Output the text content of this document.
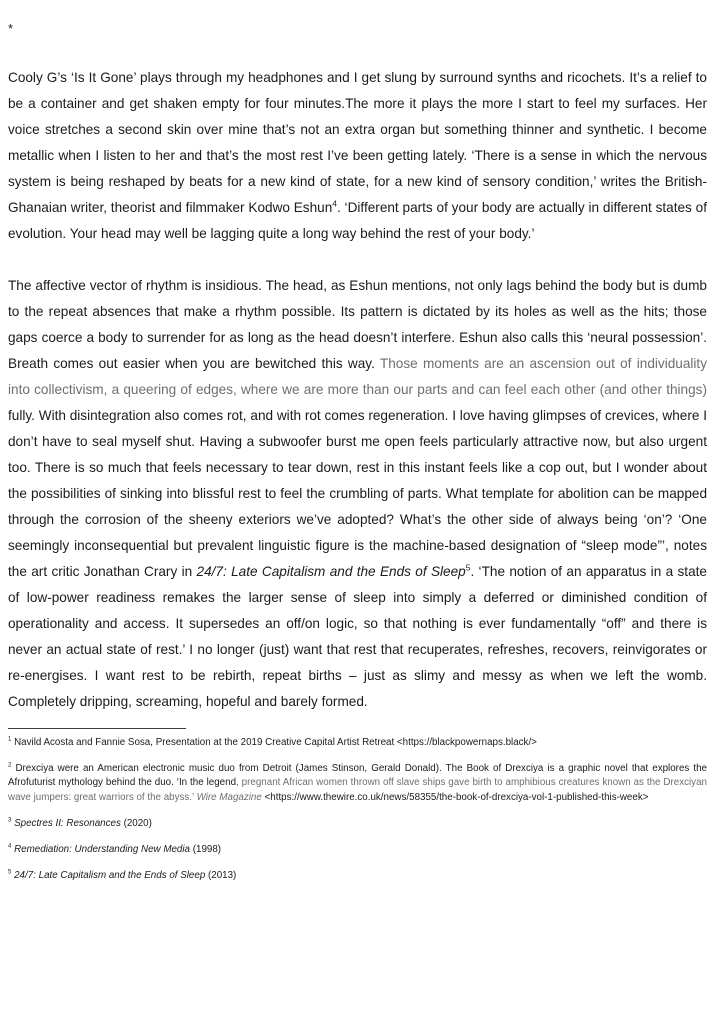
*

Cooly G’s ‘Is It Gone’ plays through my headphones and I get slung by surround synths and ricochets. It’s a relief to be a container and get shaken empty for four minutes.The more it plays the more I start to feel my surfaces. Her voice stretches a second skin over mine that’s not an extra organ but something thinner and synthetic. I become metallic when I listen to her and that’s the most rest I’ve been getting lately. ‘There is a sense in which the nervous system is being reshaped by beats for a new kind of state, for a new kind of sensory condition,’ writes the British-Ghanaian writer, theorist and filmmaker Kodwo Eshun$^4$. ‘Different parts of your body are actually in different states of evolution. Your head may well be lagging quite a long way behind the rest of your body.’

The affective vector of rhythm is insidious. The head, as Eshun mentions, not only lags behind the body but is dumb to the repeat absences that make a rhythm possible. Its pattern is dictated by its holes as well as the hits; those gaps coerce a body to surrender for as long as the head doesn’t interfere. Eshun also calls this ‘neural possession’. Breath comes out easier when you are bewitched this way. Those moments are an ascension out of individuality into collectivism, a queering of edges, where we are more than our parts and can feel each other (and other things) fully. With disintegration also comes rot, and with rot comes regeneration. I love having glimpses of crevices, where I don’t have to seal myself shut. Having a subwoofer burst me open feels particularly attractive now, but also urgent too. There is so much that feels necessary to tear down, rest in this instant feels like a cop out, but I wonder about the possibilities of sinking into blissful rest to feel the crumbling of parts. What template for abolition can be mapped through the corrosion of the sheeny exteriors we’ve adopted? What’s the other side of always being ‘on’? ‘One seemingly inconsequential but prevalent linguistic figure is the machine-based designation of “sleep mode”’, notes the art critic Jonathan Crary in 24/7: Late Capitalism and the Ends of Sleep$^5$. ‘The notion of an apparatus in a state of low-power readiness remakes the larger sense of sleep into simply a deferred or diminished condition of operationality and access. It supersedes an off/on logic, so that nothing is ever fundamentally “off” and there is never an actual state of rest.’ I no longer (just) want that rest that recuperates, refreshes, recovers, reinvigorates or re-energises. I want rest to be rebirth, repeat births – just as slimy and messy as when we left the womb. Completely dripping, screaming, hopeful and barely formed.

$^1$ Navild Acosta and Fannie Sosa, Presentation at the 2019 Creative Capital Artist Retreat <https://blackpowernaps.black/>

$^2$ Drexciya were an American electronic music duo from Detroit (James Stinson, Gerald Donald). The Book of Drexciya is a graphic novel that explores the Afrofuturist mythology behind the duo. ‘In the legend, pregnant African women thrown off slave ships gave birth to amphibious creatures known as the Drexciyan wave jumpers: great warriors of the abyss.’ Wire Magazine <https://www.thewire.co.uk/news/58355/the-book-of-drexciya-vol-1-published-this-week>

$^3$ Spectres II: Resonances (2020)

$^4$ Remediation: Understanding New Media (1998)

$^5$ 24/7: Late Capitalism and the Ends of Sleep (2013)
